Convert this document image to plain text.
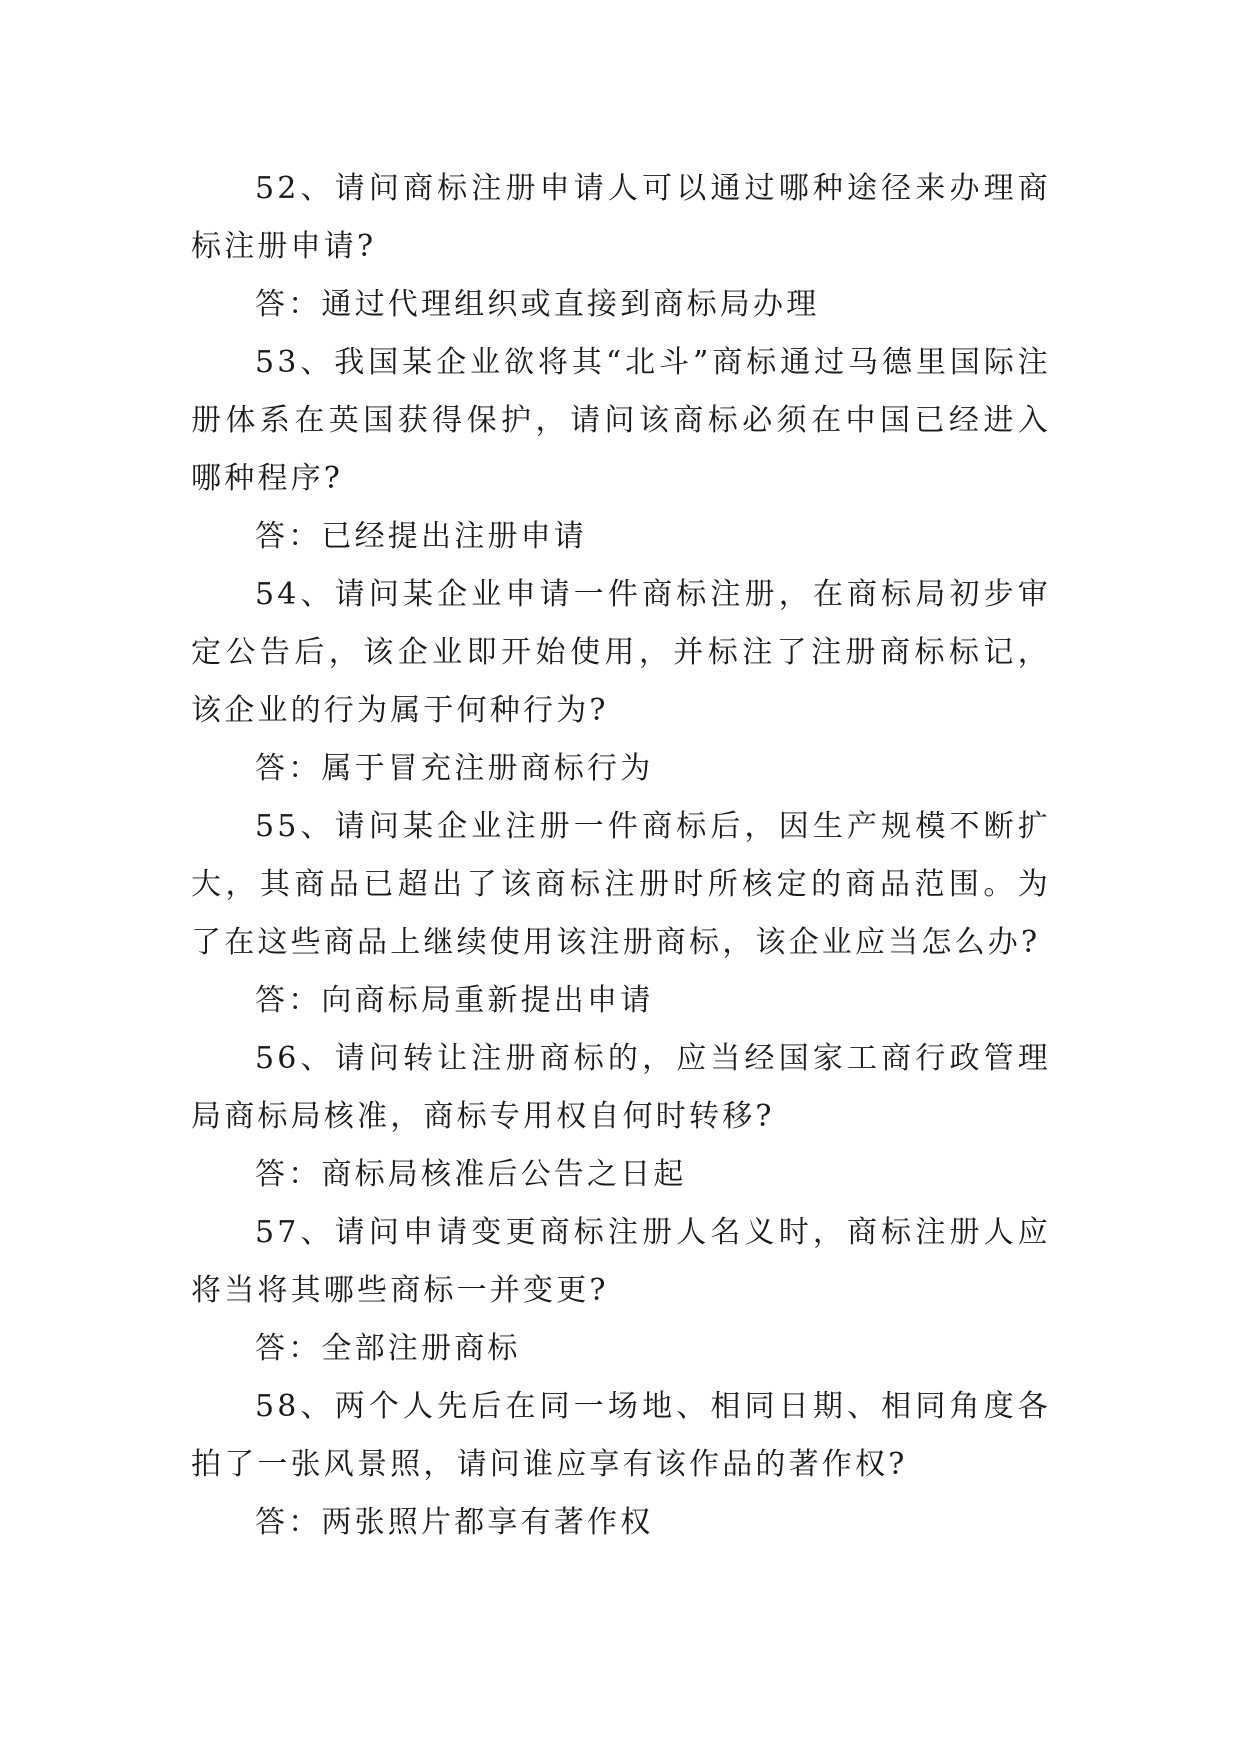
52、请问商标注册申请人可以通过哪种途径来办理商标注册申请?

答：通过代理组织或直接到商标局办理

53、我国某企业欲将其“北斗”商标通过马德里国际注册体系在英国获得保护，请问该商标必须在中国已经进入哪种程序?

答：已经提出注册申请

54、请问某企业申请一件商标注册，在商标局初步审定公告后，该企业即开始使用，并标注了注册商标标记，该企业的行为属于何种行为?

答：属于冒充注册商标行为

55、请问某企业注册一件商标后，因生产规模不断扩大，其商品已超出了该商标注册时所核定的商品范围。为了在这些商品上继续使用该注册商标，该企业应当怎么办?

答：向商标局重新提出申请

56、请问转让注册商标的，应当经国家工商行政管理局商标局核准，商标专用权自何时转移?

答：商标局核准后公告之日起

57、请问申请变更商标注册人名义时，商标注册人应将当将其哪些商标一并变更?

答：全部注册商标

58、两个人先后在同一场地、相同日期、相同角度各拍了一张风景照，请问谁应享有该作品的著作权?

答：两张照片都享有著作权
